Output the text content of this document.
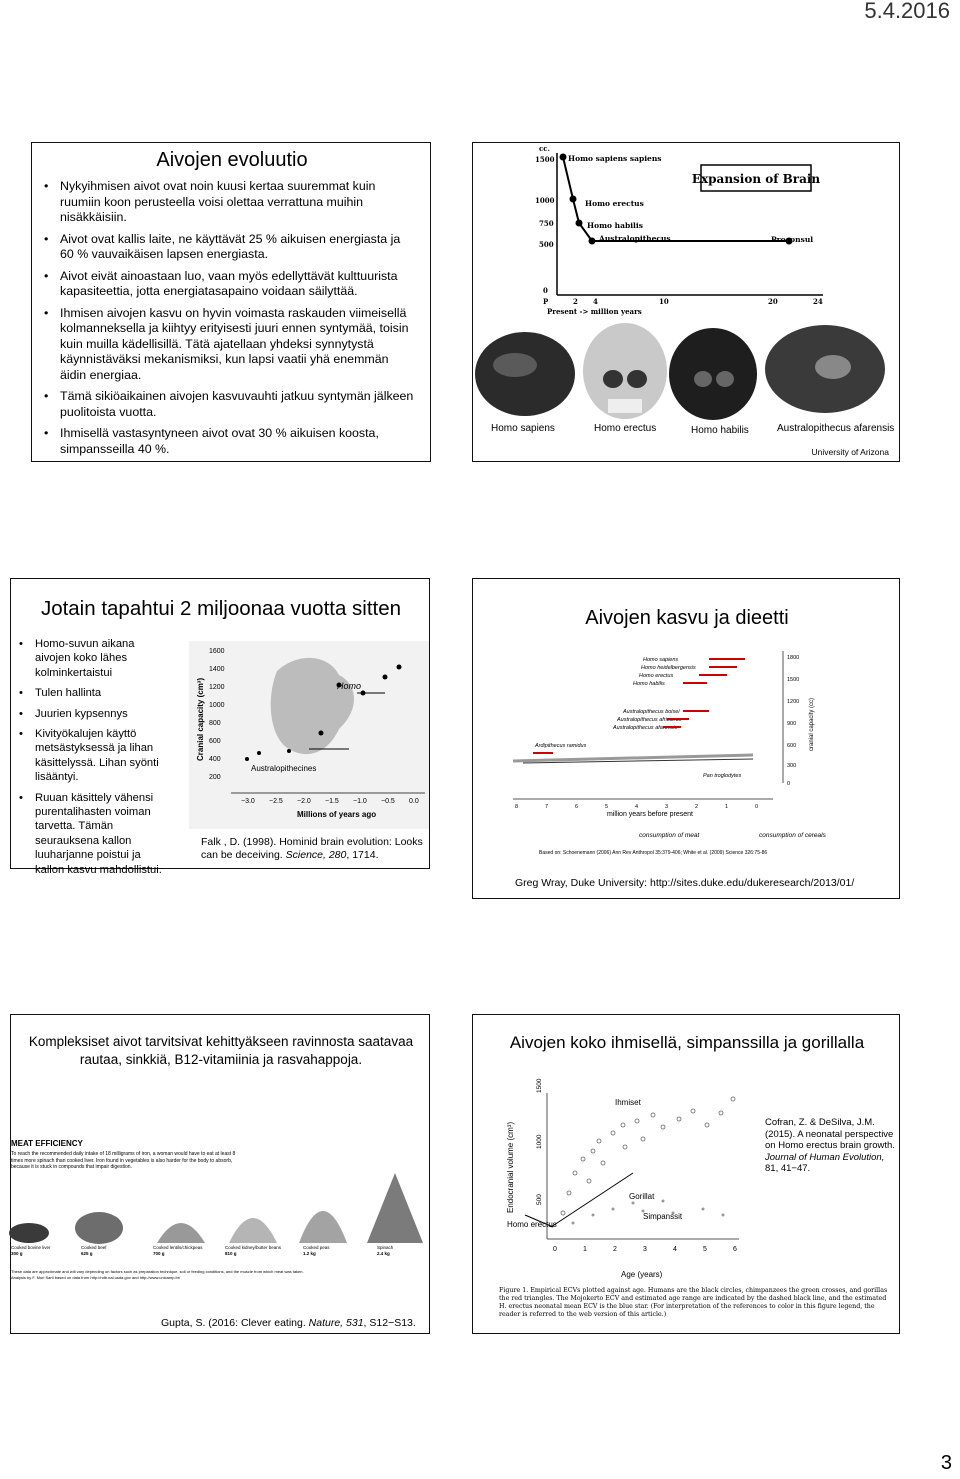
5.4.2016
Aivojen evoluutio
• Nykyihmisen aivot ovat noin kuusi kertaa suuremmat kuin ruumiin koon perusteella voisi olettaa verrattuna muihin nisäkkäisiin.
• Aivot ovat kallis laite, ne käyttävät 25 % aikuisen energiasta ja 60 % vauvaikäisen lapsen energiasta.
• Aivot eivät ainoastaan luo, vaan myös edellyttävät kulttuurista kapasiteettia, jotta energiatasapaino voidaan säilyttää.
• Ihmisen aivojen kasvu on hyvin voimasta raskauden viimeisellä kolmanneksella ja kiihtyy erityisesti juuri ennen syntymää, toisin kuin muilla kädellisillä. Tätä ajatellaan yhdeksi synnytystä käynnistäväksi mekanismiksi, kun lapsi vaatii yhä enemmän äidin energiaa.
• Tämä sikiöaikainen aivojen kasvuvauhti jatkuu syntymän jälkeen puolitoista vuotta.
• Ihmisellä vastasyntyneen aivot ovat 30 % aikuisen koosta, simpansseilla 40 %.
cc.
1500
1000
750
500
0
P	2 4	10	20	24
Present -> million years
Homo sapiens sapiens
Homo erectus
Homo habilis
Australopithecus	Proconsul
Expansion of Brain
Homo sapiens	Homo erectus	Homo habilis	Australopithecus afarensis
University of Arizona
Jotain tapahtui 2 miljoonaa vuotta sitten
• Homo-suvun aikana aivojen koko lähes kolminkertaistui
• Tulen hallinta
• Juurien kypsennys
• Kivityökalujen käyttö metsästyksessä ja lihan käsittelyssä. Lihan syönti lisääntyi.
• Ruuan käsittely vähensi purentalihasten voiman tarvetta. Tämän seurauksena kallon luuharjanne poistui ja kallon kasvu mahdollistui.
Cranial capacity (cm³)
1600
1400
1200
1000
800
600
400
200
Homo
Australopithecines
−3.0 −2.5 −2.0 −1.5 −1.0 −0.5 0.0
Millions of years ago
Falk , D. (1998). Hominid brain evolution: Looks can be deceiving. Science, 280, 1714.
Aivojen kasvu ja dieetti
Homo sapiens
Homo heidelbergensis
Homo erectus
Homo habilis
Australopithecus boisei
Australopithecus africanus
Australopithecus afarensis
Ardipithecus ramidus
Pan troglodytes
1800
1500
1200
900
600
300
0
cranial capacity (cc)
8	7	6	5	4	3	2	1	0
million years before present
consumption of meat	consumption of cereals
Based on: Schoenemann (2006) Ann Rev Anthropol 35:379-406; White et al. (2009) Science 326:75-86
Greg Wray, Duke University: http://sites.duke.edu/dukeresearch/2013/01/
Kompleksiset aivot tarvitsivat kehittyäkseen ravinnosta saatavaa rautaa, sinkkiä, B12-vitamiinia ja rasvahappoja.
MEAT EFFICIENCY
To reach the recommended daily intake of 18 milligrams of iron, a woman would have to eat at least 8 times more spinach than cooked liver. Iron found in vegetables is also harder for the body to absorb, because it is stuck in compounds that impair digestion.
Cooked bovine liver
300 g
Cooked beef
625 g
Cooked lentils/chickpeas
700 g
Cooked kidney/butter beans
810 g
Cooked peas
1.2 kg
Spinach
2.4 kg
These data are approximate and will vary depending on factors such as preparation technique, soil or feeding conditions, and the muscle from which meat was taken.
Analysis by F. Mori Sarti based on data from http://ndb.nal.usda.gov and http://www.unicamp.br/
Gupta, S. (2016: Clever eating. Nature, 531, S12−S13.
Aivojen koko ihmisellä, simpanssilla ja gorillalla
Endocranial volume (cm³)
1500
1000
500
0	1	2	3	4	5	6
Age (years)
Ihmiset
Gorillat
Simpanssit
Homo erectus
Cofran, Z. & DeSilva, J.M.
(2015). A neonatal perspective
on Homo erectus brain growth.
Journal of Human Evolution,
81, 41−47.
Figure 1. Empirical ECVs plotted against age. Humans are the black circles, chimpanzees the green crosses, and gorillas the red triangles. The Mojokerto ECV and estimated age range are indicated by the dashed black line, and the estimated H. erectus neonatal mean ECV is the blue star. (For interpretation of the references to color in this figure legend, the reader is referred to the web version of this article.)
3
